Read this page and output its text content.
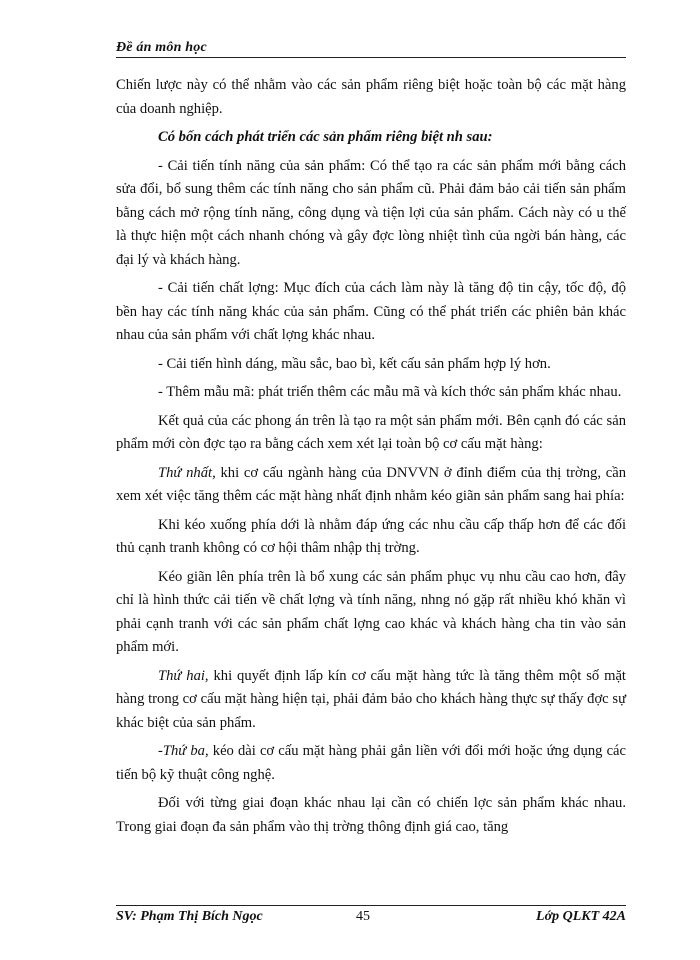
Đề án môn học

Chiến lược này có thể nhằm vào các sản phẩm riêng biệt hoặc toàn bộ các mặt hàng của doanh nghiệp.

Có bốn cách phát triển các sản phẩm riêng biệt nh sau:

- Cải tiến tính năng của sản phẩm: Có thể tạo ra các sản phẩm mới bằng cách sửa đổi, bổ sung thêm các tính năng cho sản phẩm cũ. Phải đảm bảo cải tiến sản phẩm bằng cách mở rộng tính năng, công dụng và tiện lợi của sản phẩm. Cách này có u thế là thực hiện một cách nhanh chóng và gây đợc lòng nhiệt tình của ngời bán hàng, các đại lý và khách hàng.

- Cải tiến chất lợng: Mục đích của cách làm này là tăng độ tin cậy, tốc độ, độ bền hay các tính năng khác của sản phẩm. Cũng có thể phát triển các phiên bản khác nhau của sản phẩm với chất lợng khác nhau.

- Cải tiến hình dáng, mầu sắc, bao bì, kết cấu sản phẩm hợp lý hơn.

- Thêm mẫu mã: phát triển thêm các mẫu mã và kích thớc sản phẩm khác nhau.

Kết quả của các phong án trên là tạo ra một sản phẩm mới. Bên cạnh đó các sản phẩm mới còn đợc tạo ra bằng cách xem xét lại toàn bộ cơ cấu mặt hàng:

Thứ nhất, khi cơ cấu ngành hàng của DNVVN ở đỉnh điểm của thị trờng, cần xem xét việc tăng thêm các mặt hàng nhất định nhằm kéo giãn sản phẩm sang hai phía:

Khi kéo xuống phía dới là nhằm đáp ứng các nhu cầu cấp thấp hơn để các đối thủ cạnh tranh không có cơ hội thâm nhập thị trờng.

Kéo giãn lên phía trên là bổ xung các sản phẩm phục vụ nhu cầu cao hơn, đây chỉ là hình thức cải tiến về chất lợng và tính năng, nhng nó gặp rất nhiều khó khăn vì phải cạnh tranh với các sản phẩm chất lợng cao khác và khách hàng cha tin vào sản phẩm mới.

Thứ hai, khi quyết định lấp kín cơ cấu mặt hàng tức là tăng thêm một số mặt hàng trong cơ cấu mặt hàng hiện tại, phải đảm bảo cho khách hàng thực sự thấy đợc sự khác biệt của sản phẩm.

-Thứ ba, kéo dài cơ cấu mặt hàng phải gắn liền với đổi mới hoặc ứng dụng các tiến bộ kỹ thuật công nghệ.

Đối với từng giai đoạn khác nhau lại cần có chiến lợc sản phẩm khác nhau. Trong giai đoạn đa sản phẩm vào thị trờng thông định giá cao, tăng

SV: Phạm Thị Bích Ngọc	45	Lớp QLKT 42A
